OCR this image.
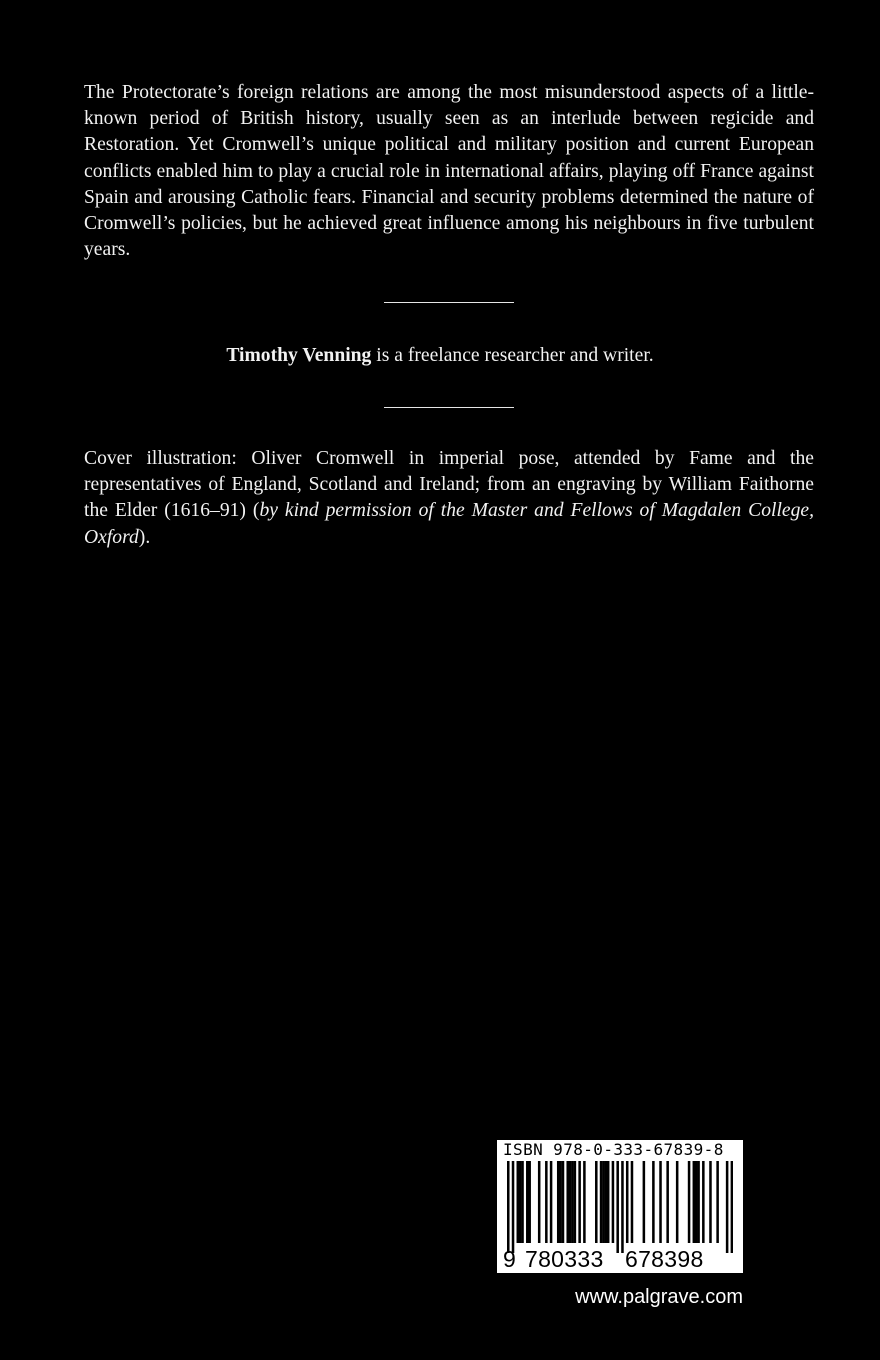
The Protectorate’s foreign relations are among the most misunderstood aspects of a little-known period of British history, usually seen as an interlude between regicide and Restoration. Yet Cromwell’s unique political and military position and current European conflicts enabled him to play a crucial role in international affairs, playing off France against Spain and arousing Catholic fears. Financial and security problems determined the nature of Cromwell’s policies, but he achieved great influence among his neighbours in five turbulent years.

Timothy Venning is a freelance researcher and writer.

Cover illustration: Oliver Cromwell in imperial pose, attended by Fame and the representatives of England, Scotland and Ireland; from an engraving by William Faithorne the Elder (1616–91) (by kind permission of the Master and Fellows of Magdalen College, Oxford).

ISBN 978-0-333-67839-8
9 780333 678398
www.palgrave.com
